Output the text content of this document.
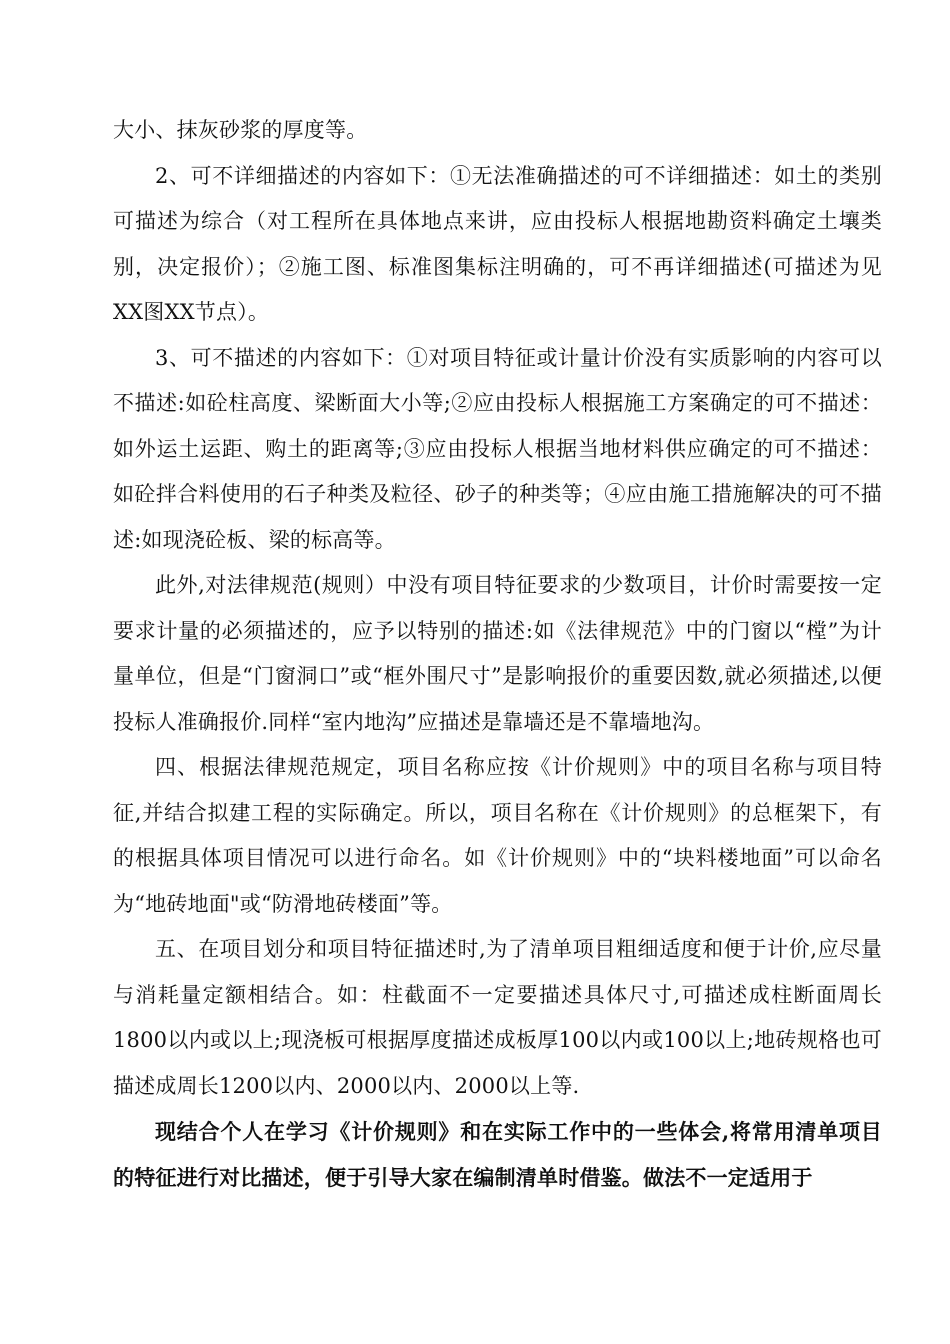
大小、抹灰砂浆的厚度等。

2、可不详细描述的内容如下：①无法准确描述的可不详细描述：如土的类别可描述为综合（对工程所在具体地点来讲，应由投标人根据地勘资料确定土壤类别，决定报价）；②施工图、标准图集标注明确的，可不再详细描述(可描述为见XX图XX节点）。

3、可不描述的内容如下：①对项目特征或计量计价没有实质影响的内容可以不描述:如砼柱高度、梁断面大小等;②应由投标人根据施工方案确定的可不描述：如外运土运距、购土的距离等;③应由投标人根据当地材料供应确定的可不描述：如砼拌合料使用的石子种类及粒径、砂子的种类等；④应由施工措施解决的可不描述:如现浇砼板、梁的标高等。

此外,对法律规范(规则）中没有项目特征要求的少数项目，计价时需要按一定要求计量的必须描述的，应予以特别的描述:如《法律规范》中的门窗以“樘”为计量单位，但是“门窗洞口”或“框外围尺寸”是影响报价的重要因数,就必须描述,以便投标人准确报价.同样“室内地沟”应描述是靠墙还是不靠墙地沟。

四、根据法律规范规定，项目名称应按《计价规则》中的项目名称与项目特征,并结合拟建工程的实际确定。所以，项目名称在《计价规则》的总框架下，有的根据具体项目情况可以进行命名。如《计价规则》中的“块料楼地面”可以命名为“地砖地面"或“防滑地砖楼面”等。

五、在项目划分和项目特征描述时,为了清单项目粗细适度和便于计价,应尽量与消耗量定额相结合。如：柱截面不一定要描述具体尺寸,可描述成柱断面周长1800以内或以上;现浇板可根据厚度描述成板厚100以内或100以上;地砖规格也可描述成周长1200以内、2000以内、2000以上等.

现结合个人在学习《计价规则》和在实际工作中的一些体会,将常用清单项目的特征进行对比描述，便于引导大家在编制清单时借鉴。做法不一定适用于
